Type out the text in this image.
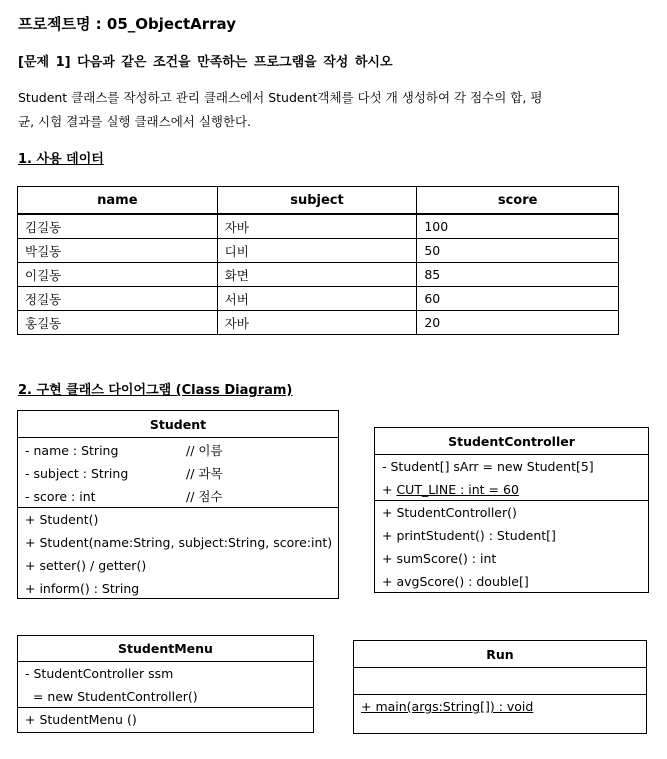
프로젝트명 : 05_ObjectArray
[문제 1] 다음과 같은 조건을 만족하는 프로그램을 작성 하시오
Student 클래스를 작성하고 관리 클래스에서 Student객체를 다섯 개 생성하여 각 점수의 합, 평
균, 시험 결과를 실행 클래스에서 실행한다.
1. 사용 데이터
name	subject	score
김길동	자바	100
박길동	디비	50
이길동	화면	85
정길동	서버	60
홍길동	자바	20
2. 구현 클래스 다이어그램 (Class Diagram)
Student
- name : String	// 이름
- subject : String	// 과목
- score : int	// 점수
+ Student()
+ Student(name:String, subject:String, score:int)
+ setter() / getter()
+ inform() : String
StudentController
- Student[] sArr = new Student[5]
+ CUT_LINE : int = 60
+ StudentController()
+ printStudent() : Student[]
+ sumScore() : int
+ avgScore() : double[]
StudentMenu
- StudentController ssm
= new StudentController()
+ StudentMenu ()
Run
+ main(args:String[]) : void
